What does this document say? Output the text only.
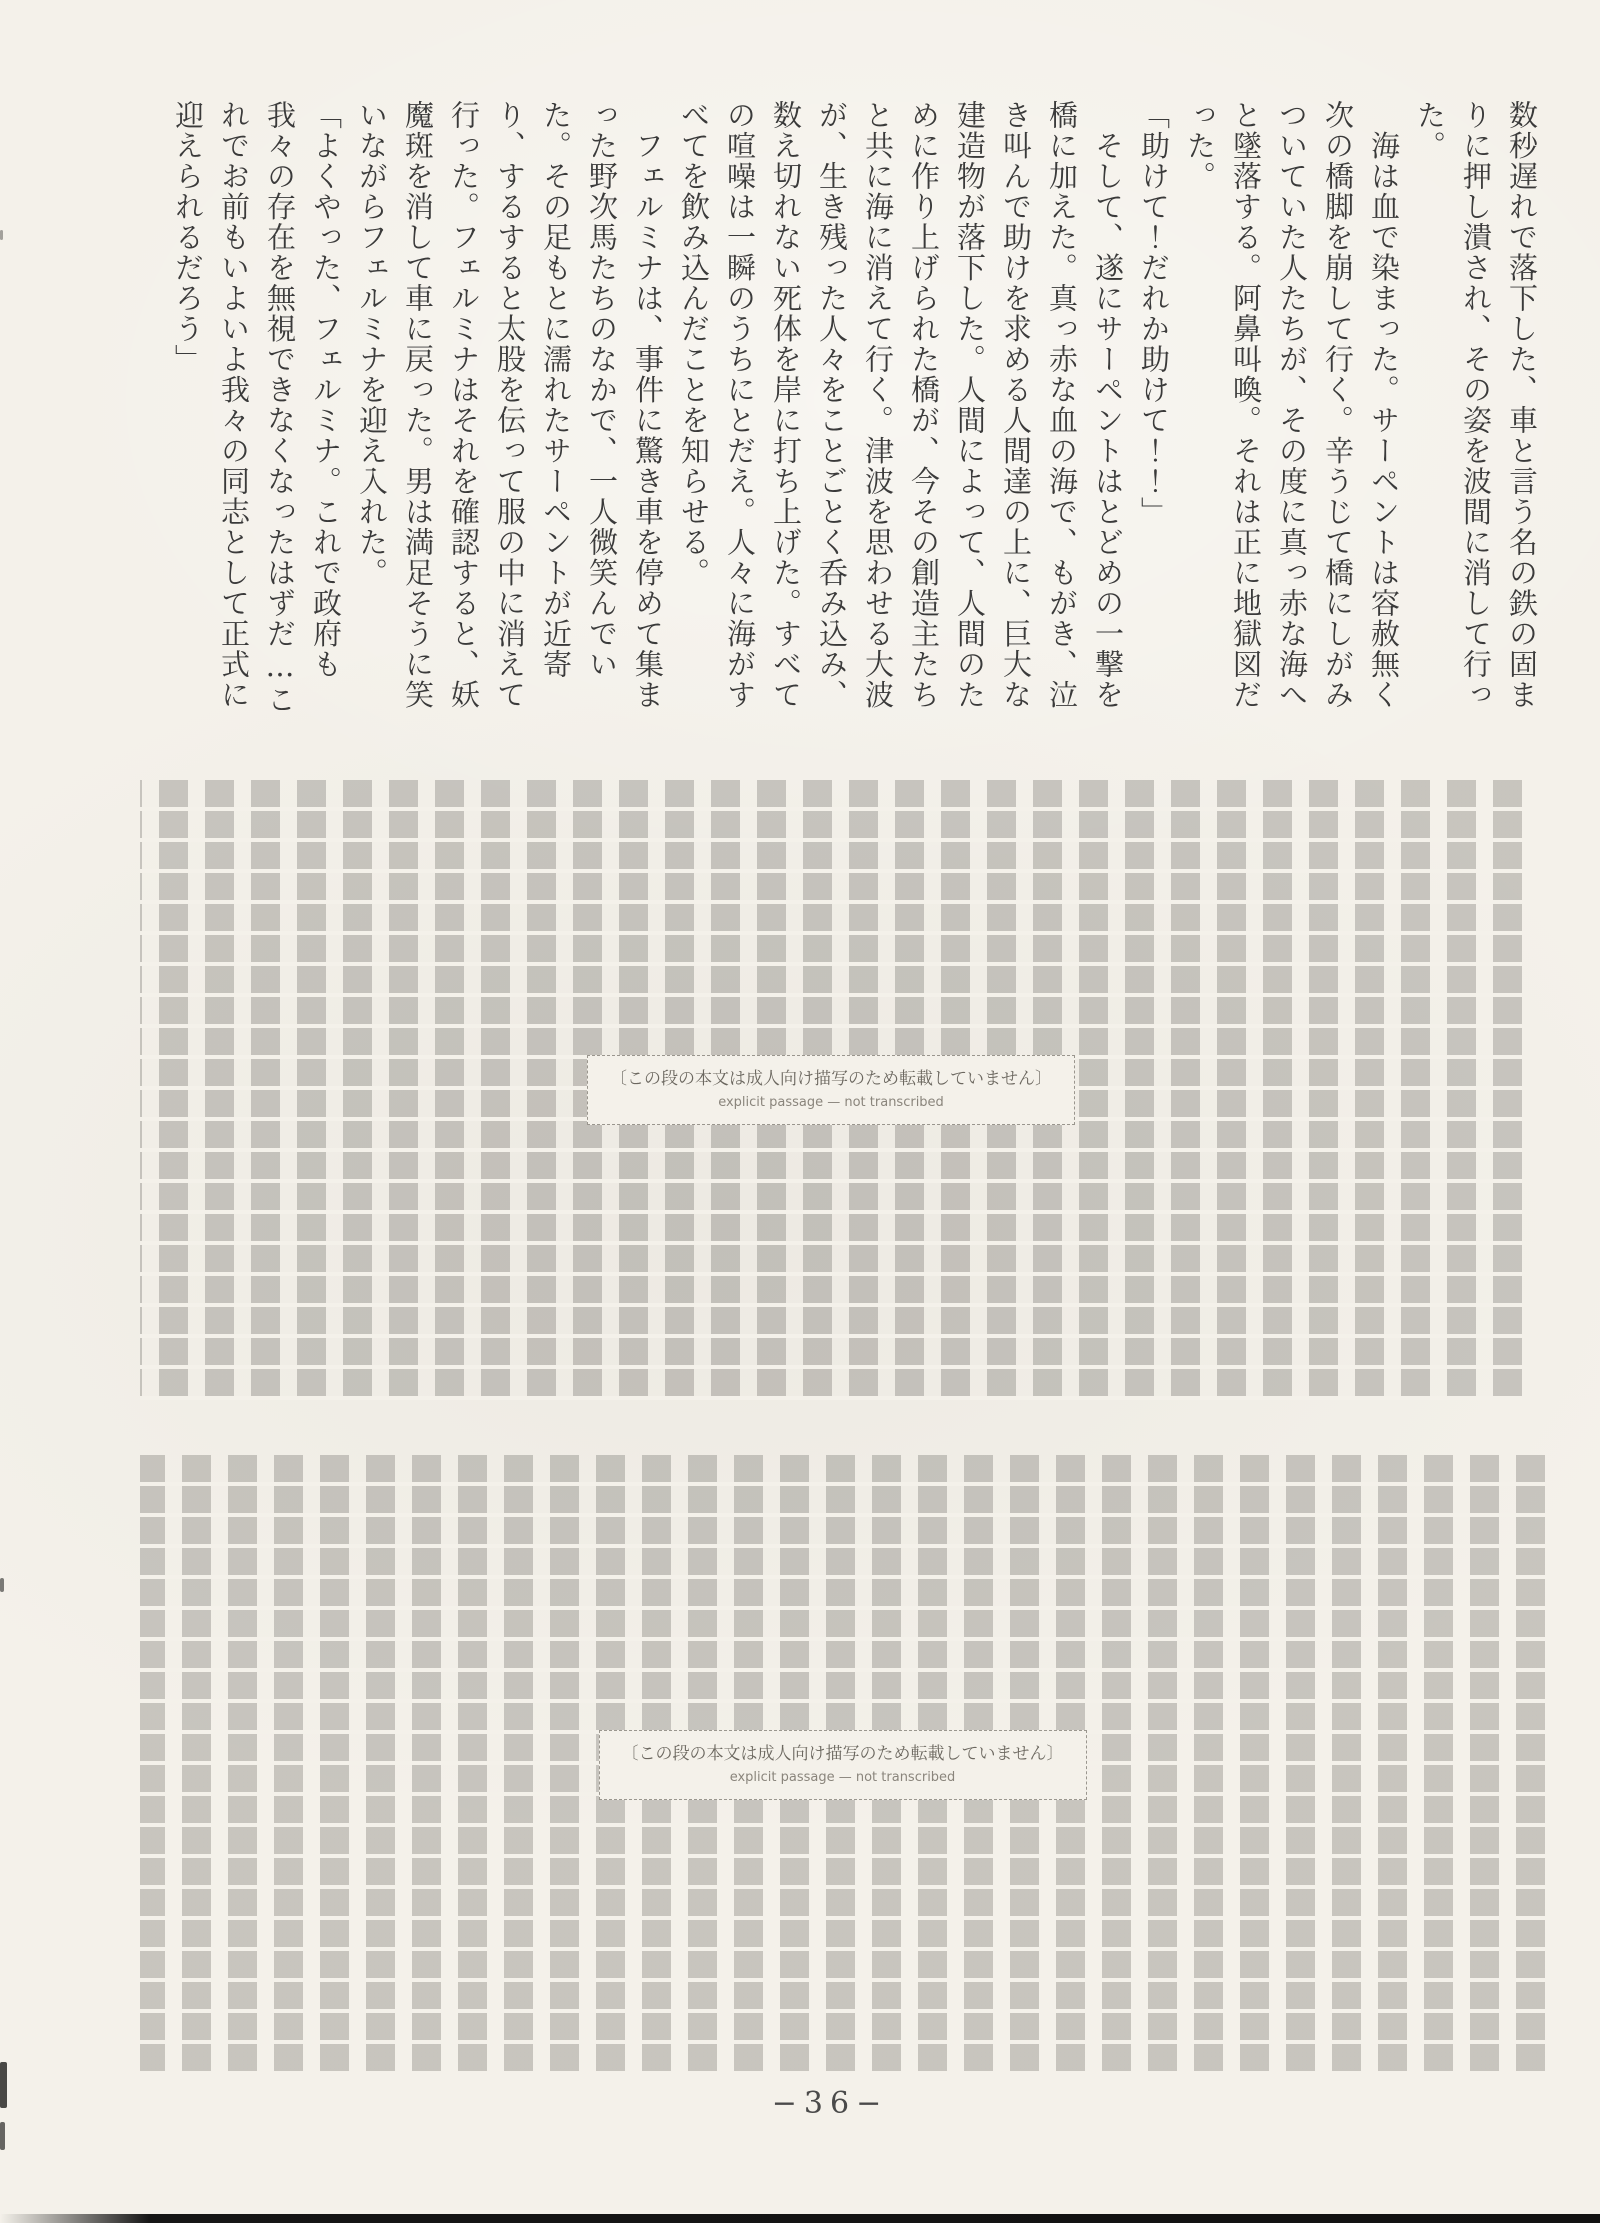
数秒遅れで落下した、車と言う名の鉄の固まりに押し潰され、その姿を波間に消して行った。

　海は血で染まった。サーペントは容赦無く次の橋脚を崩して行く。辛うじて橋にしがみついていた人たちが、その度に真っ赤な海へと墜落する。阿鼻叫喚。それは正に地獄図だった。

「助けて！だれか助けて！！」

　そして、遂にサーペントはとどめの一撃を橋に加えた。真っ赤な血の海で、もがき、泣き叫んで助けを求める人間達の上に、巨大な建造物が落下した。人間によって、人間のために作り上げられた橋が、今その創造主たちと共に海に消えて行く。津波を思わせる大波が、生き残った人々をことごとく呑み込み、数え切れない死体を岸に打ち上げた。すべての喧噪は一瞬のうちにとだえ。人々に海がすべてを飲み込んだことを知らせる。

　フェルミナは、事件に驚き車を停めて集まった野次馬たちのなかで、一人微笑んでいた。その足もとに濡れたサーペントが近寄り、するすると太股を伝って服の中に消えて行った。フェルミナはそれを確認すると、妖魔斑を消して車に戻った。男は満足そうに笑いながらフェルミナを迎え入れた。

「よくやった、フェルミナ。これで政府も我々の存在を無視できなくなったはずだ…これでお前もいよいよ我々の同志として正式に迎えられるだろう」

〔この段の本文は成人向け描写のため転載していません〕
explicit passage — not transcribed
〔この段の本文は成人向け描写のため転載していません〕
explicit passage — not transcribed
−36−
